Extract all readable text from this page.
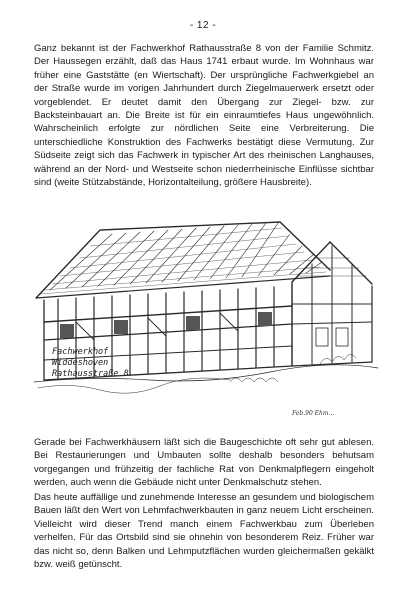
- 12 -

Ganz bekannt ist der Fachwerkhof Rathausstraße 8 von der Familie Schmitz. Der Haussegen erzählt, daß das Haus 1741 erbaut wurde. Im Wohnhaus war früher eine Gaststätte (en Wiertschaft). Der ursprüngliche Fachwerkgiebel an der Straße wurde im vorigen Jahrhundert durch Ziegelmauerwerk ersetzt oder vorgeblendet. Er deutet damit den Übergang zur Ziegel- bzw. zur Backsteinbauart an. Die Breite ist für ein einraumtiefes Haus ungewöhnlich. Wahrscheinlich erfolgte zur nördlichen Seite eine Verbreiterung. Die unterschiedliche Konstruktion des Fachwerks bestätigt diese Vermutung. Zur Südseite zeigt sich das Fachwerk in typischer Art des rheinischen Langhauses, während an der Nord- und Westseite schon niederrheinische Einflüsse sichtbar sind (weite Stützabstände, Horizontalteilung, größere Hausbreite).

Fachwerkhof
Widdeshoven
Rathausstraße 8
Feb.90 Ehm...

Gerade bei Fachwerkhäusern läßt sich die Baugeschichte oft sehr gut ablesen. Bei Restaurierungen und Umbauten sollte deshalb besonders behutsam vorgegangen und frühzeitig der fachliche Rat von Denkmalpflegern eingeholt werden, auch wenn die Gebäude nicht unter Denkmalschutz stehen.

Das heute auffällige und zunehmende Interesse an gesundem und biologischem Bauen läßt den Wert von Lehmfachwerkbauten in ganz neuem Licht erscheinen. Vielleicht wird dieser Trend manch einem Fachwerkbau zum Überleben verhelfen. Für das Ortsbild sind sie ohnehin von besonderem Reiz. Früher war das nicht so, denn Balken und Lehmputzflächen wurden gleichermaßen gekälkt bzw. weiß getünscht.
